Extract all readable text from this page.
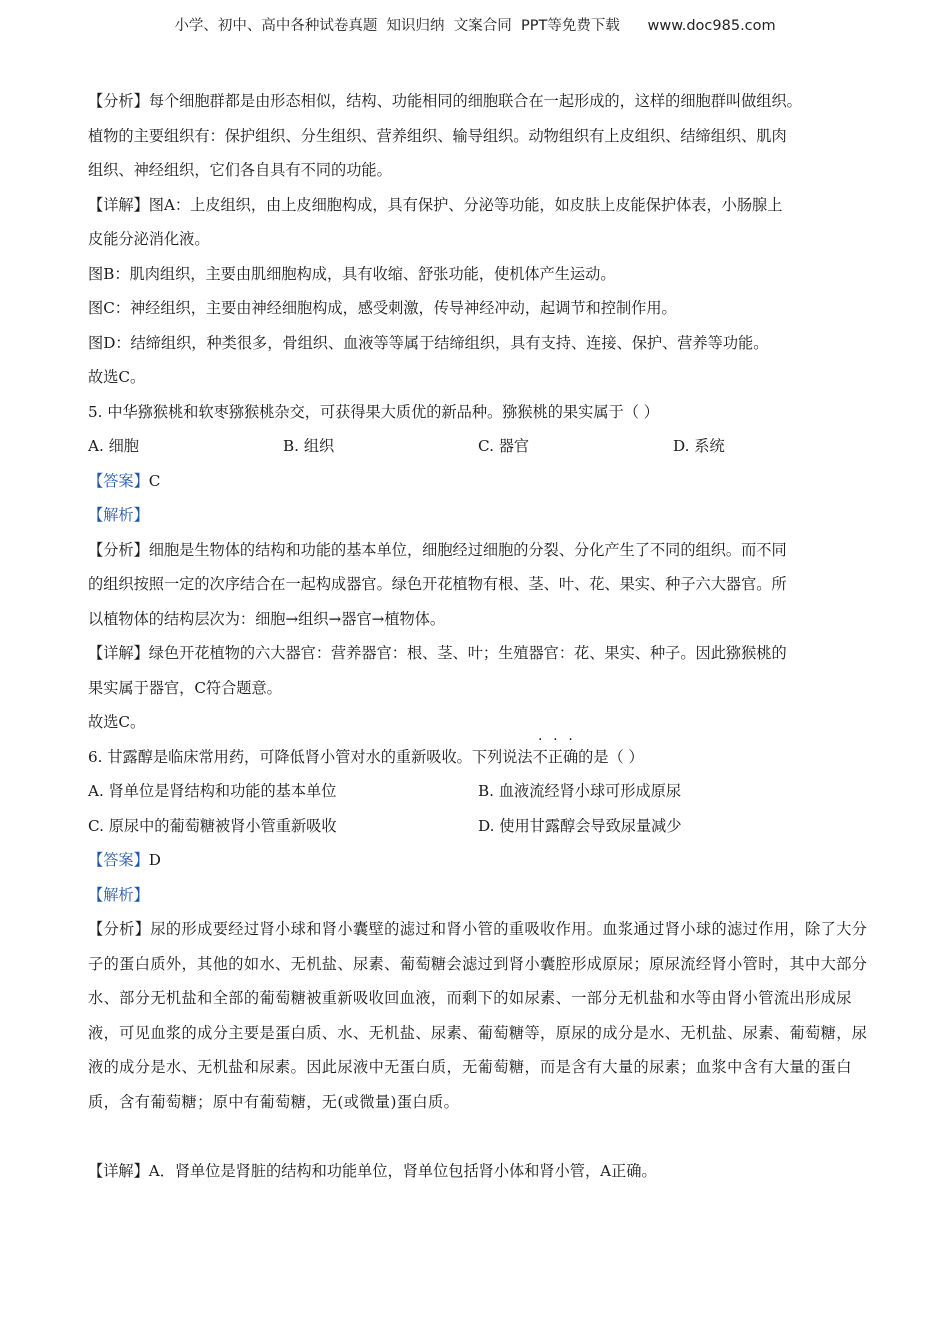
小学、初中、高中各种试卷真题  知识归纳  文案合同  PPT等免费下载      www.doc985.com
【分析】每个细胞群都是由形态相似，结构、功能相同的细胞联合在一起形成的，这样的细胞群叫做组织。
植物的主要组织有：保护组织、分生组织、营养组织、输导组织。动物组织有上皮组织、结缔组织、肌肉
组织、神经组织，它们各自具有不同的功能。
【详解】图A：上皮组织，由上皮细胞构成，具有保护、分泌等功能，如皮肤上皮能保护体表，小肠腺上
皮能分泌消化液。
图B：肌肉组织，主要由肌细胞构成，具有收缩、舒张功能，使机体产生运动。
图C：神经组织，主要由神经细胞构成，感受刺激，传导神经冲动，起调节和控制作用。
图D：结缔组织，种类很多，骨组织、血液等等属于结缔组织，具有支持、连接、保护、营养等功能。
故选C。
5. 中华猕猴桃和软枣猕猴桃杂交，可获得果大质优的新品种。猕猴桃的果实属于（ ）
A. 细胞	B. 组织	C. 器官	D. 系统
【答案】C
【解析】
【分析】细胞是生物体的结构和功能的基本单位，细胞经过细胞的分裂、分化产生了不同的组织。而不同
的组织按照一定的次序结合在一起构成器官。绿色开花植物有根、茎、叶、花、果实、种子六大器官。所
以植物体的结构层次为：细胞→组织→器官→植物体。
【详解】绿色开花植物的六大器官：营养器官：根、茎、叶；生殖器官：花、果实、种子。因此猕猴桃的
果实属于器官，C符合题意。
故选C。
6. 甘露醇是临床常用药，可降低肾小管对水的重新吸收。下列说法不正确的是（ ）
A. 肾单位是肾结构和功能的基本单位	B. 血液流经肾小球可形成原尿
C. 原尿中的葡萄糖被肾小管重新吸收	D. 使用甘露醇会导致尿量减少
【答案】D
【解析】
【分析】尿的形成要经过肾小球和肾小囊壁的滤过和肾小管的重吸收作用。血浆通过肾小球的滤过作用，除了大分子的蛋白质外，其他的如水、无机盐、尿素、葡萄糖会滤过到肾小囊腔形成原尿；原尿流经肾小管时，其中大部分水、部分无机盐和全部的葡萄糖被重新吸收回血液，而剩下的如尿素、一部分无机盐和水等由肾小管流出形成尿液，可见血浆的成分主要是蛋白质、水、无机盐、尿素、葡萄糖等，原尿的成分是水、无机盐、尿素、葡萄糖，尿液的成分是水、无机盐和尿素。因此尿液中无蛋白质，无葡萄糖，而是含有大量的尿素；血浆中含有大量的蛋白质，含有葡萄糖；原中有葡萄糖，无(或微量)蛋白质。
【详解】A．肾单位是肾脏的结构和功能单位，肾单位包括肾小体和肾小管，A正确。
